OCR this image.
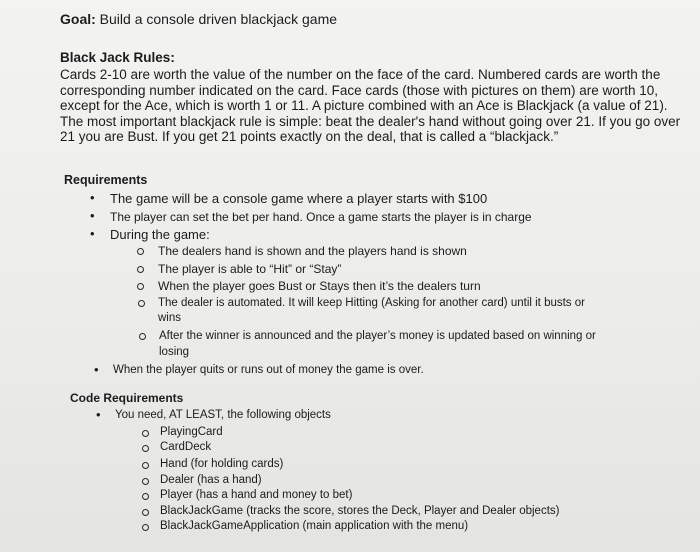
Goal: Build a console driven blackjack game
Black Jack Rules:
Cards 2-10 are worth the value of the number on the face of the card. Numbered cards are worth the
corresponding number indicated on the card. Face cards (those with pictures on them) are worth 10,
except for the Ace, which is worth 1 or 11. A picture combined with an Ace is Blackjack (a value of 21).
The most important blackjack rule is simple: beat the dealer's hand without going over 21. If you go over
21 you are Bust. If you get 21 points exactly on the deal, that is called a “blackjack.”
Requirements
• The game will be a console game where a player starts with $100
• The player can set the bet per hand. Once a game starts the player is in charge
• During the game:
The dealers hand is shown and the players hand is shown
The player is able to “Hit” or “Stay”
When the player goes Bust or Stays then it’s the dealers turn
The dealer is automated. It will keep Hitting (Asking for another card) until it busts or
wins
After the winner is announced and the player’s money is updated based on winning or
losing
• When the player quits or runs out of money the game is over.
Code Requirements
• You need, AT LEAST, the following objects
PlayingCard
CardDeck
Hand (for holding cards)
Dealer (has a hand)
Player (has a hand and money to bet)
BlackJackGame (tracks the score, stores the Deck, Player and Dealer objects)
BlackJackGameApplication (main application with the menu)
